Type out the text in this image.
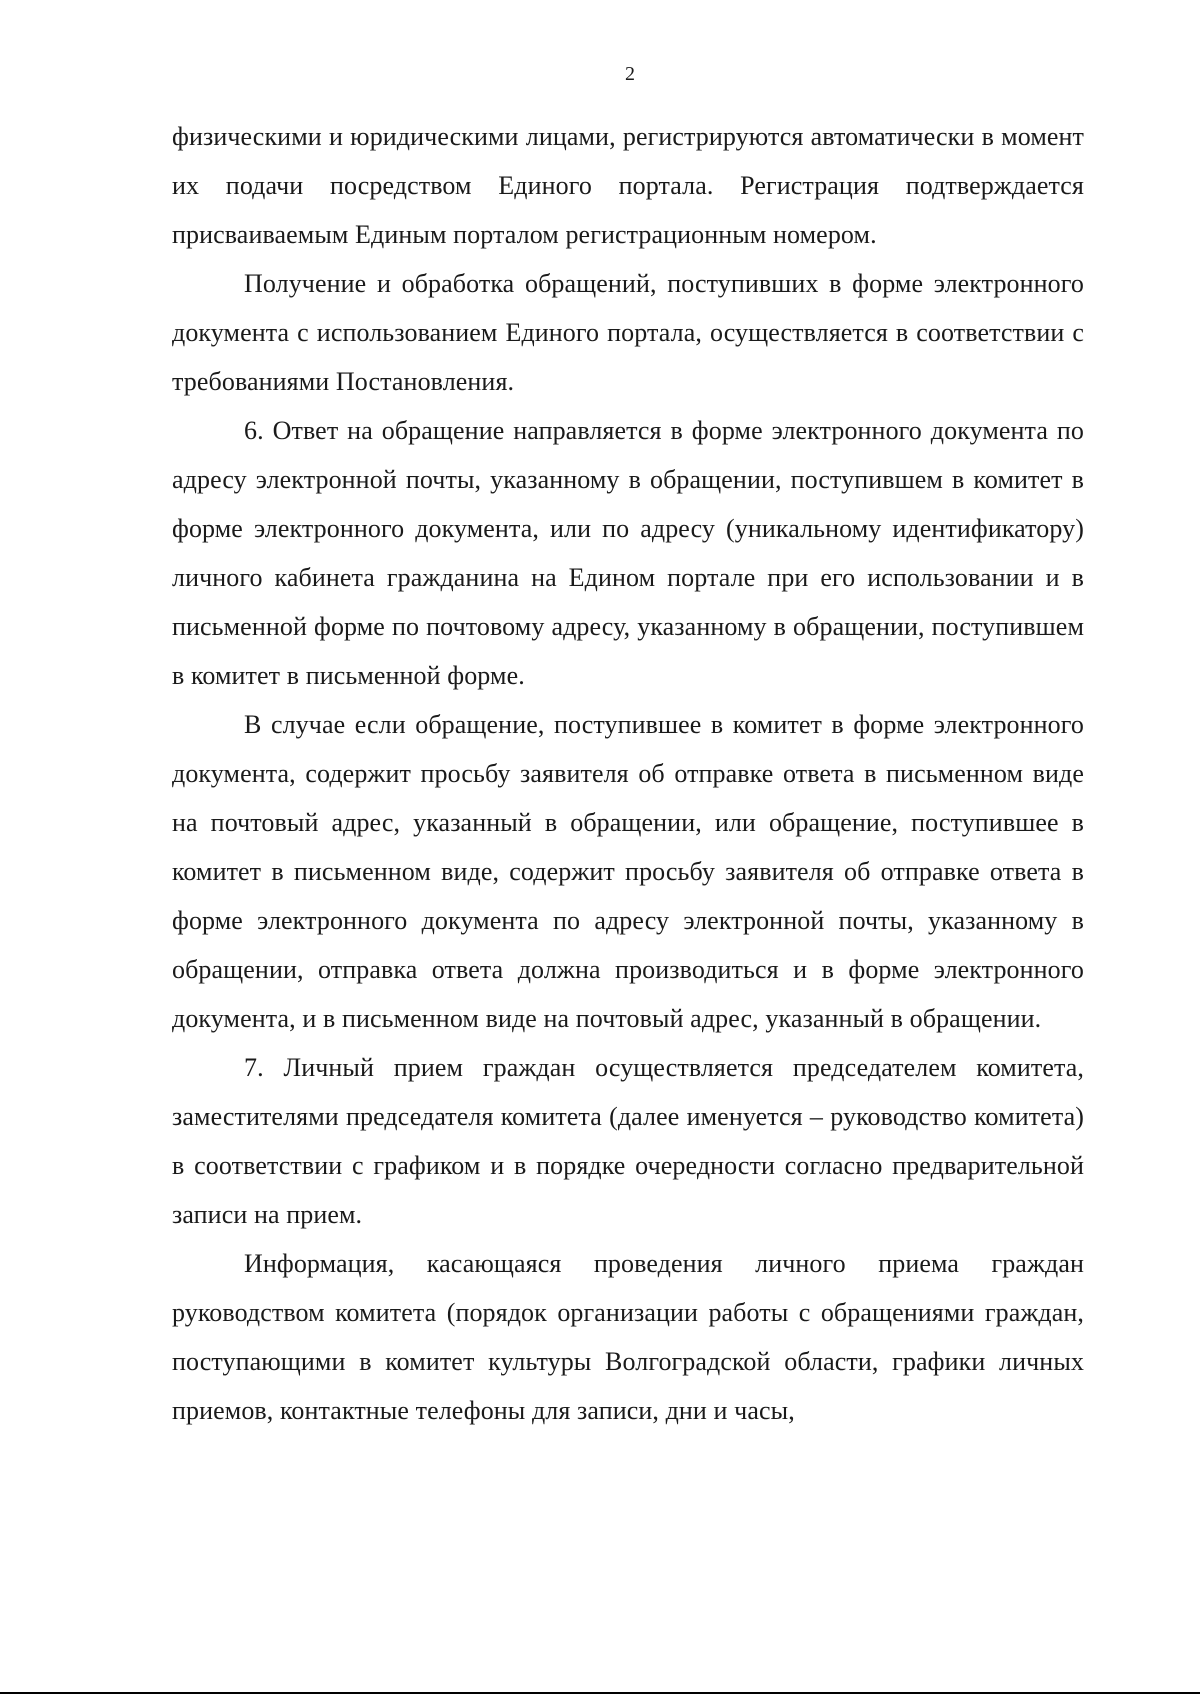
2

физическими и юридическими лицами, регистрируются автоматически в момент их подачи посредством Единого портала. Регистрация подтверждается присваиваемым Единым порталом регистрационным номером.

Получение и обработка обращений, поступивших в форме электронного документа с использованием Единого портала, осуществляется в соответствии с требованиями Постановления.

6. Ответ на обращение направляется в форме электронного документа по адресу электронной почты, указанному в обращении, поступившем в комитет в форме электронного документа, или по адресу (уникальному идентификатору) личного кабинета гражданина на Едином портале при его использовании и в письменной форме по почтовому адресу, указанному в обращении, поступившем в комитет в письменной форме.

В случае если обращение, поступившее в комитет в форме электронного документа, содержит просьбу заявителя об отправке ответа в письменном виде на почтовый адрес, указанный в обращении, или обращение, поступившее в комитет в письменном виде, содержит просьбу заявителя об отправке ответа в форме электронного документа по адресу электронной почты, указанному в обращении, отправка ответа должна производиться и в форме электронного документа, и в письменном виде на почтовый адрес, указанный в обращении.

7. Личный прием граждан осуществляется председателем комитета, заместителями председателя комитета (далее именуется – руководство комитета) в соответствии с графиком и в порядке очередности согласно предварительной записи на прием.

Информация, касающаяся проведения личного приема граждан руководством комитета (порядок организации работы с обращениями граждан, поступающими в комитет культуры Волгоградской области, графики личных приемов, контактные телефоны для записи, дни и часы,
